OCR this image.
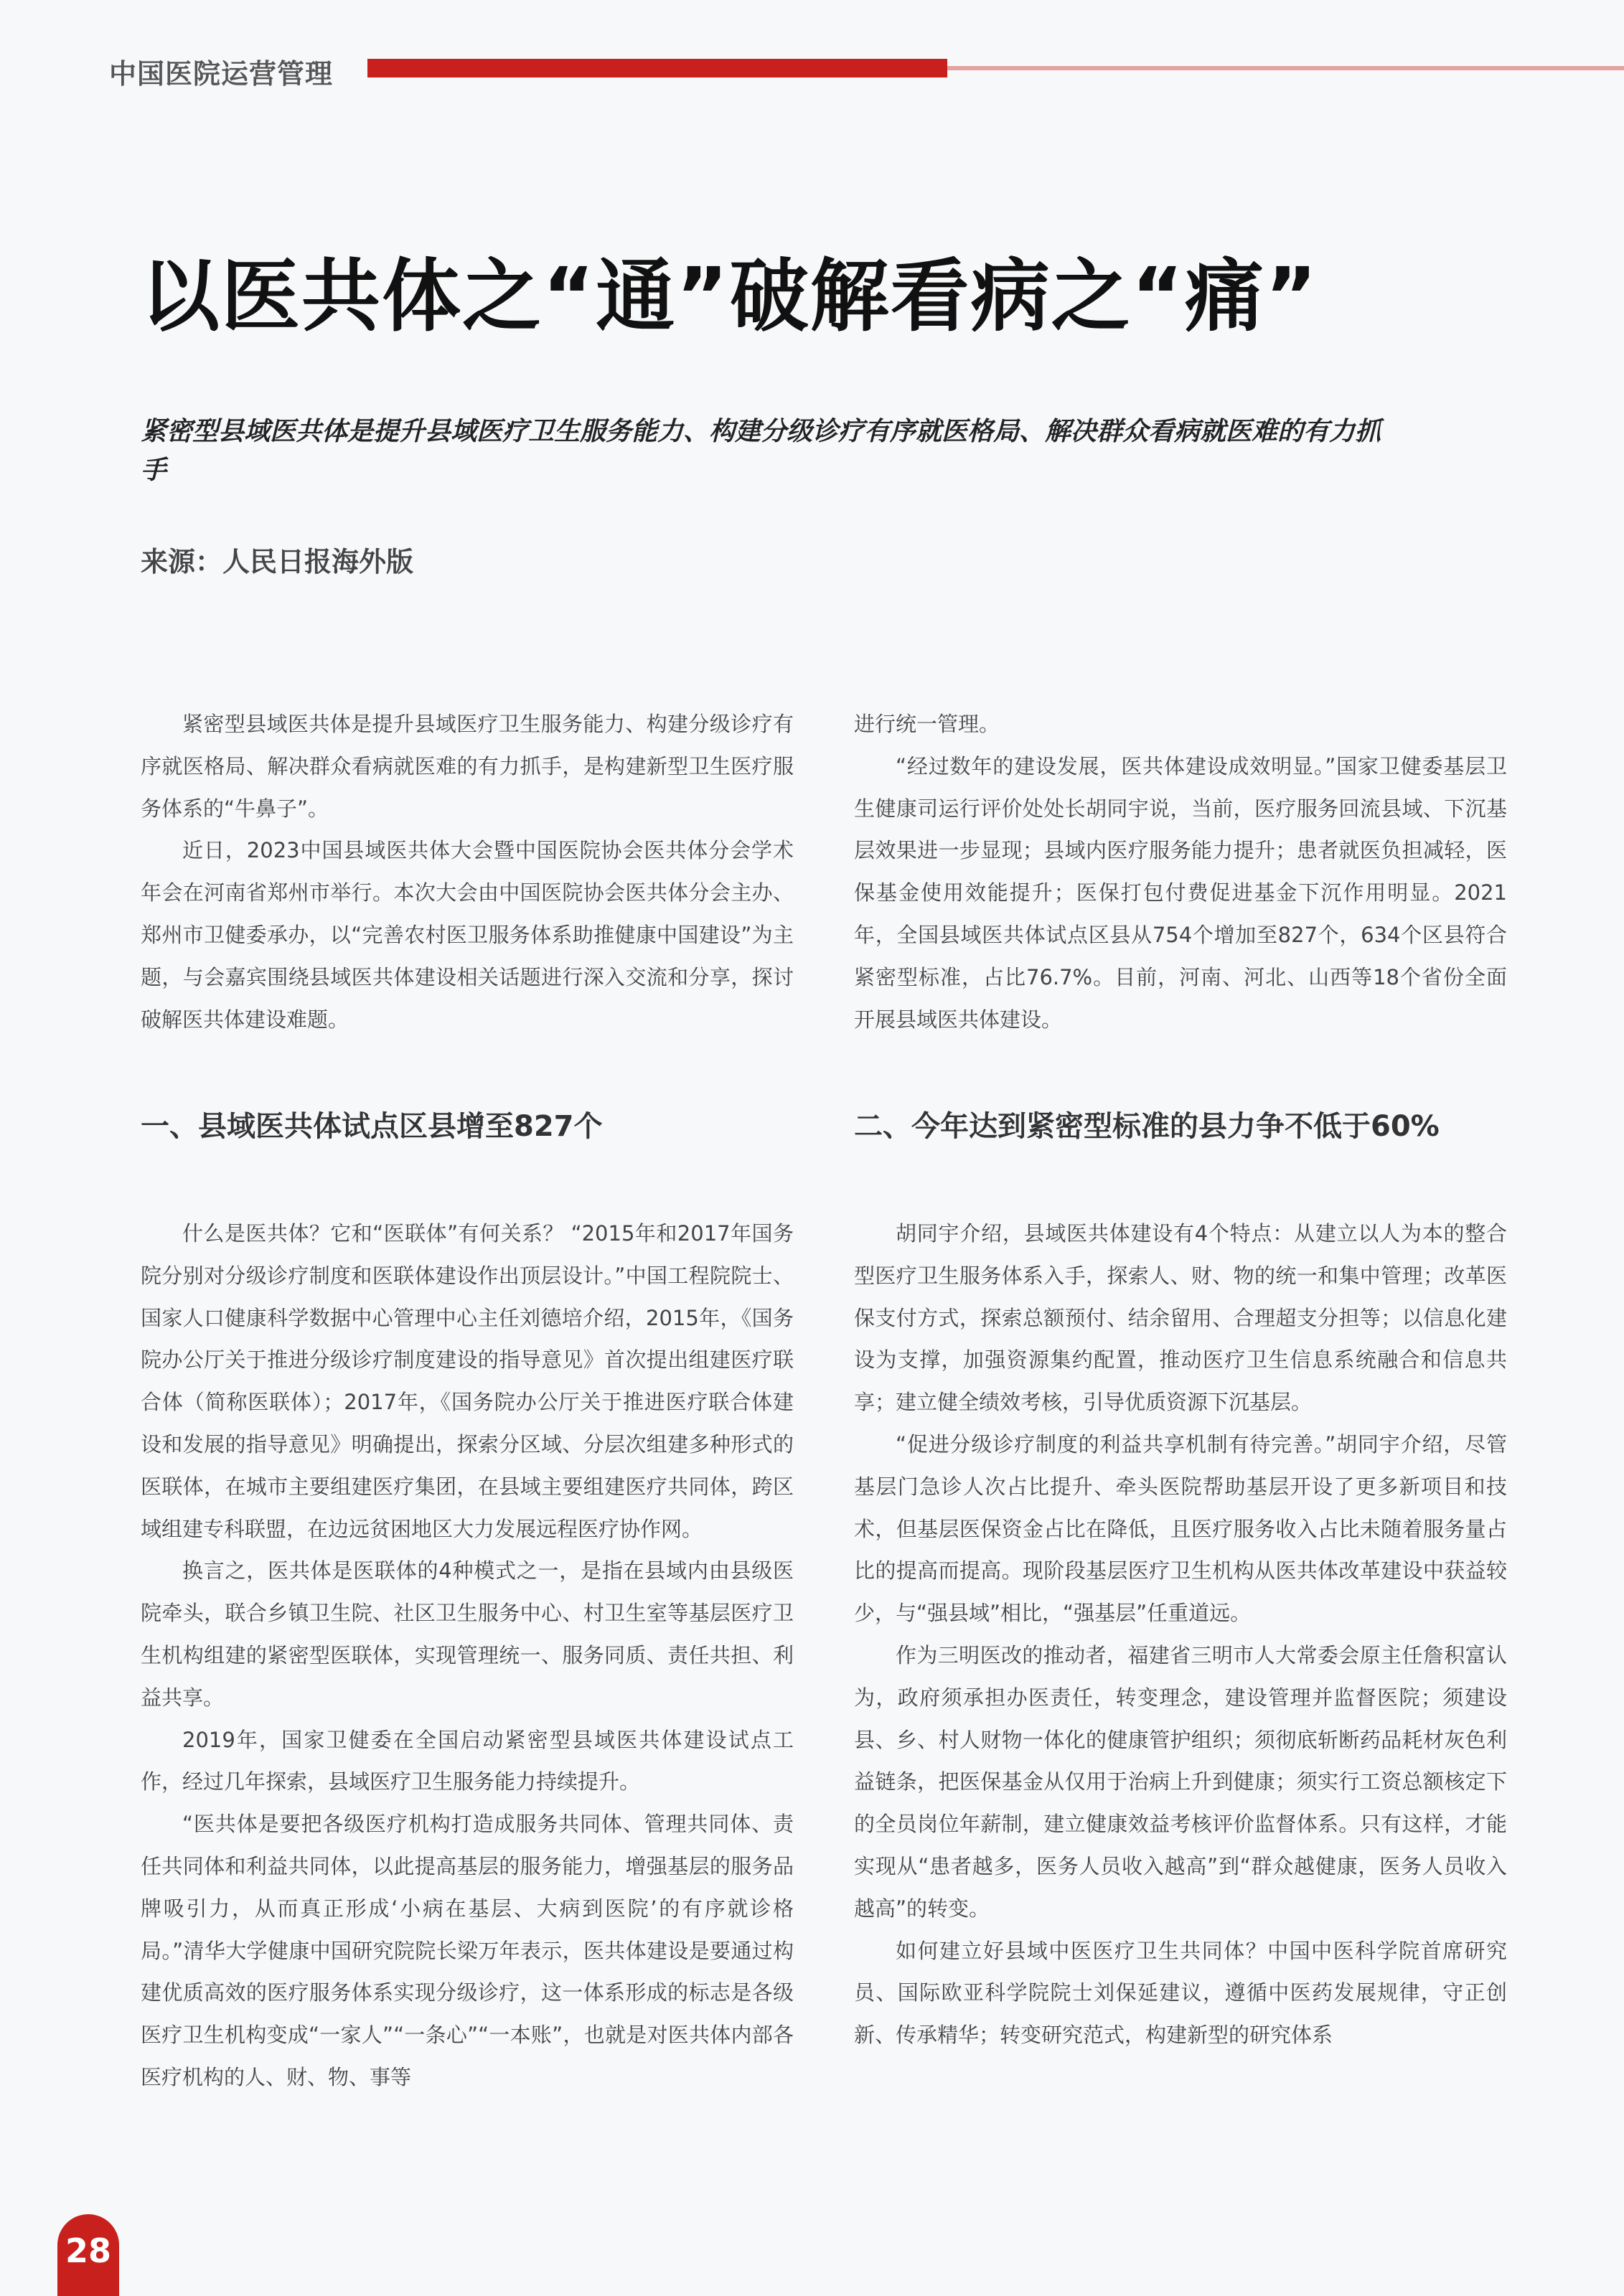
中国医院运营管理
以医共体之“通”破解看病之“痛”

紧密型县域医共体是提升县域医疗卫生服务能力、构建分级诊疗有序就医格局、解决群众看病就医难的有力抓手

来源：人民日报海外版

紧密型县域医共体是提升县域医疗卫生服务能力、构建分级诊疗有序就医格局、解决群众看病就医难的有力抓手，是构建新型卫生医疗服务体系的“牛鼻子”。

近日，2023中国县域医共体大会暨中国医院协会医共体分会学术年会在河南省郑州市举行。本次大会由中国医院协会医共体分会主办、郑州市卫健委承办，以“完善农村医卫服务体系助推健康中国建设”为主题，与会嘉宾围绕县域医共体建设相关话题进行深入交流和分享，探讨破解医共体建设难题。

进行统一管理。

“经过数年的建设发展，医共体建设成效明显。”国家卫健委基层卫生健康司运行评价处处长胡同宇说，当前，医疗服务回流县域、下沉基层效果进一步显现；县域内医疗服务能力提升；患者就医负担减轻，医保基金使用效能提升；医保打包付费促进基金下沉作用明显。2021年，全国县域医共体试点区县从754个增加至827个，634个区县符合紧密型标准，占比76.7%。目前，河南、河北、山西等18个省份全面开展县域医共体建设。

一、县域医共体试点区县增至827个	二、今年达到紧密型标准的县力争不低于60%

什么是医共体？它和“医联体”有何关系？ “2015年和2017年国务院分别对分级诊疗制度和医联体建设作出顶层设计。”中国工程院院士、国家人口健康科学数据中心管理中心主任刘德培介绍，2015年，《国务院办公厅关于推进分级诊疗制度建设的指导意见》首次提出组建医疗联合体（简称医联体）；2017年，《国务院办公厅关于推进医疗联合体建设和发展的指导意见》明确提出，探索分区域、分层次组建多种形式的医联体，在城市主要组建医疗集团，在县域主要组建医疗共同体，跨区域组建专科联盟，在边远贫困地区大力发展远程医疗协作网。

换言之，医共体是医联体的4种模式之一，是指在县域内由县级医院牵头，联合乡镇卫生院、社区卫生服务中心、村卫生室等基层医疗卫生机构组建的紧密型医联体，实现管理统一、服务同质、责任共担、利益共享。

2019年，国家卫健委在全国启动紧密型县域医共体建设试点工作，经过几年探索，县域医疗卫生服务能力持续提升。

“医共体是要把各级医疗机构打造成服务共同体、管理共同体、责任共同体和利益共同体，以此提高基层的服务能力，增强基层的服务品牌吸引力，从而真正形成‘小病在基层、大病到医院’的有序就诊格局。”清华大学健康中国研究院院长梁万年表示，医共体建设是要通过构建优质高效的医疗服务体系实现分级诊疗，这一体系形成的标志是各级医疗卫生机构变成“一家人”“一条心”“一本账”，也就是对医共体内部各医疗机构的人、财、物、事等

胡同宇介绍，县域医共体建设有4个特点：从建立以人为本的整合型医疗卫生服务体系入手，探索人、财、物的统一和集中管理；改革医保支付方式，探索总额预付、结余留用、合理超支分担等；以信息化建设为支撑，加强资源集约配置，推动医疗卫生信息系统融合和信息共享；建立健全绩效考核，引导优质资源下沉基层。

“促进分级诊疗制度的利益共享机制有待完善。”胡同宇介绍，尽管基层门急诊人次占比提升、牵头医院帮助基层开设了更多新项目和技术，但基层医保资金占比在降低，且医疗服务收入占比未随着服务量占比的提高而提高。现阶段基层医疗卫生机构从医共体改革建设中获益较少，与“强县域”相比，“强基层”任重道远。

作为三明医改的推动者，福建省三明市人大常委会原主任詹积富认为，政府须承担办医责任，转变理念，建设管理并监督医院；须建设县、乡、村人财物一体化的健康管护组织；须彻底斩断药品耗材灰色利益链条，把医保基金从仅用于治病上升到健康；须实行工资总额核定下的全员岗位年薪制，建立健康效益考核评价监督体系。只有这样，才能实现从“患者越多，医务人员收入越高”到“群众越健康，医务人员收入越高”的转变。

如何建立好县域中医医疗卫生共同体？中国中医科学院首席研究员、国际欧亚科学院院士刘保延建议，遵循中医药发展规律，守正创新、传承精华；转变研究范式，构建新型的研究体系

28
